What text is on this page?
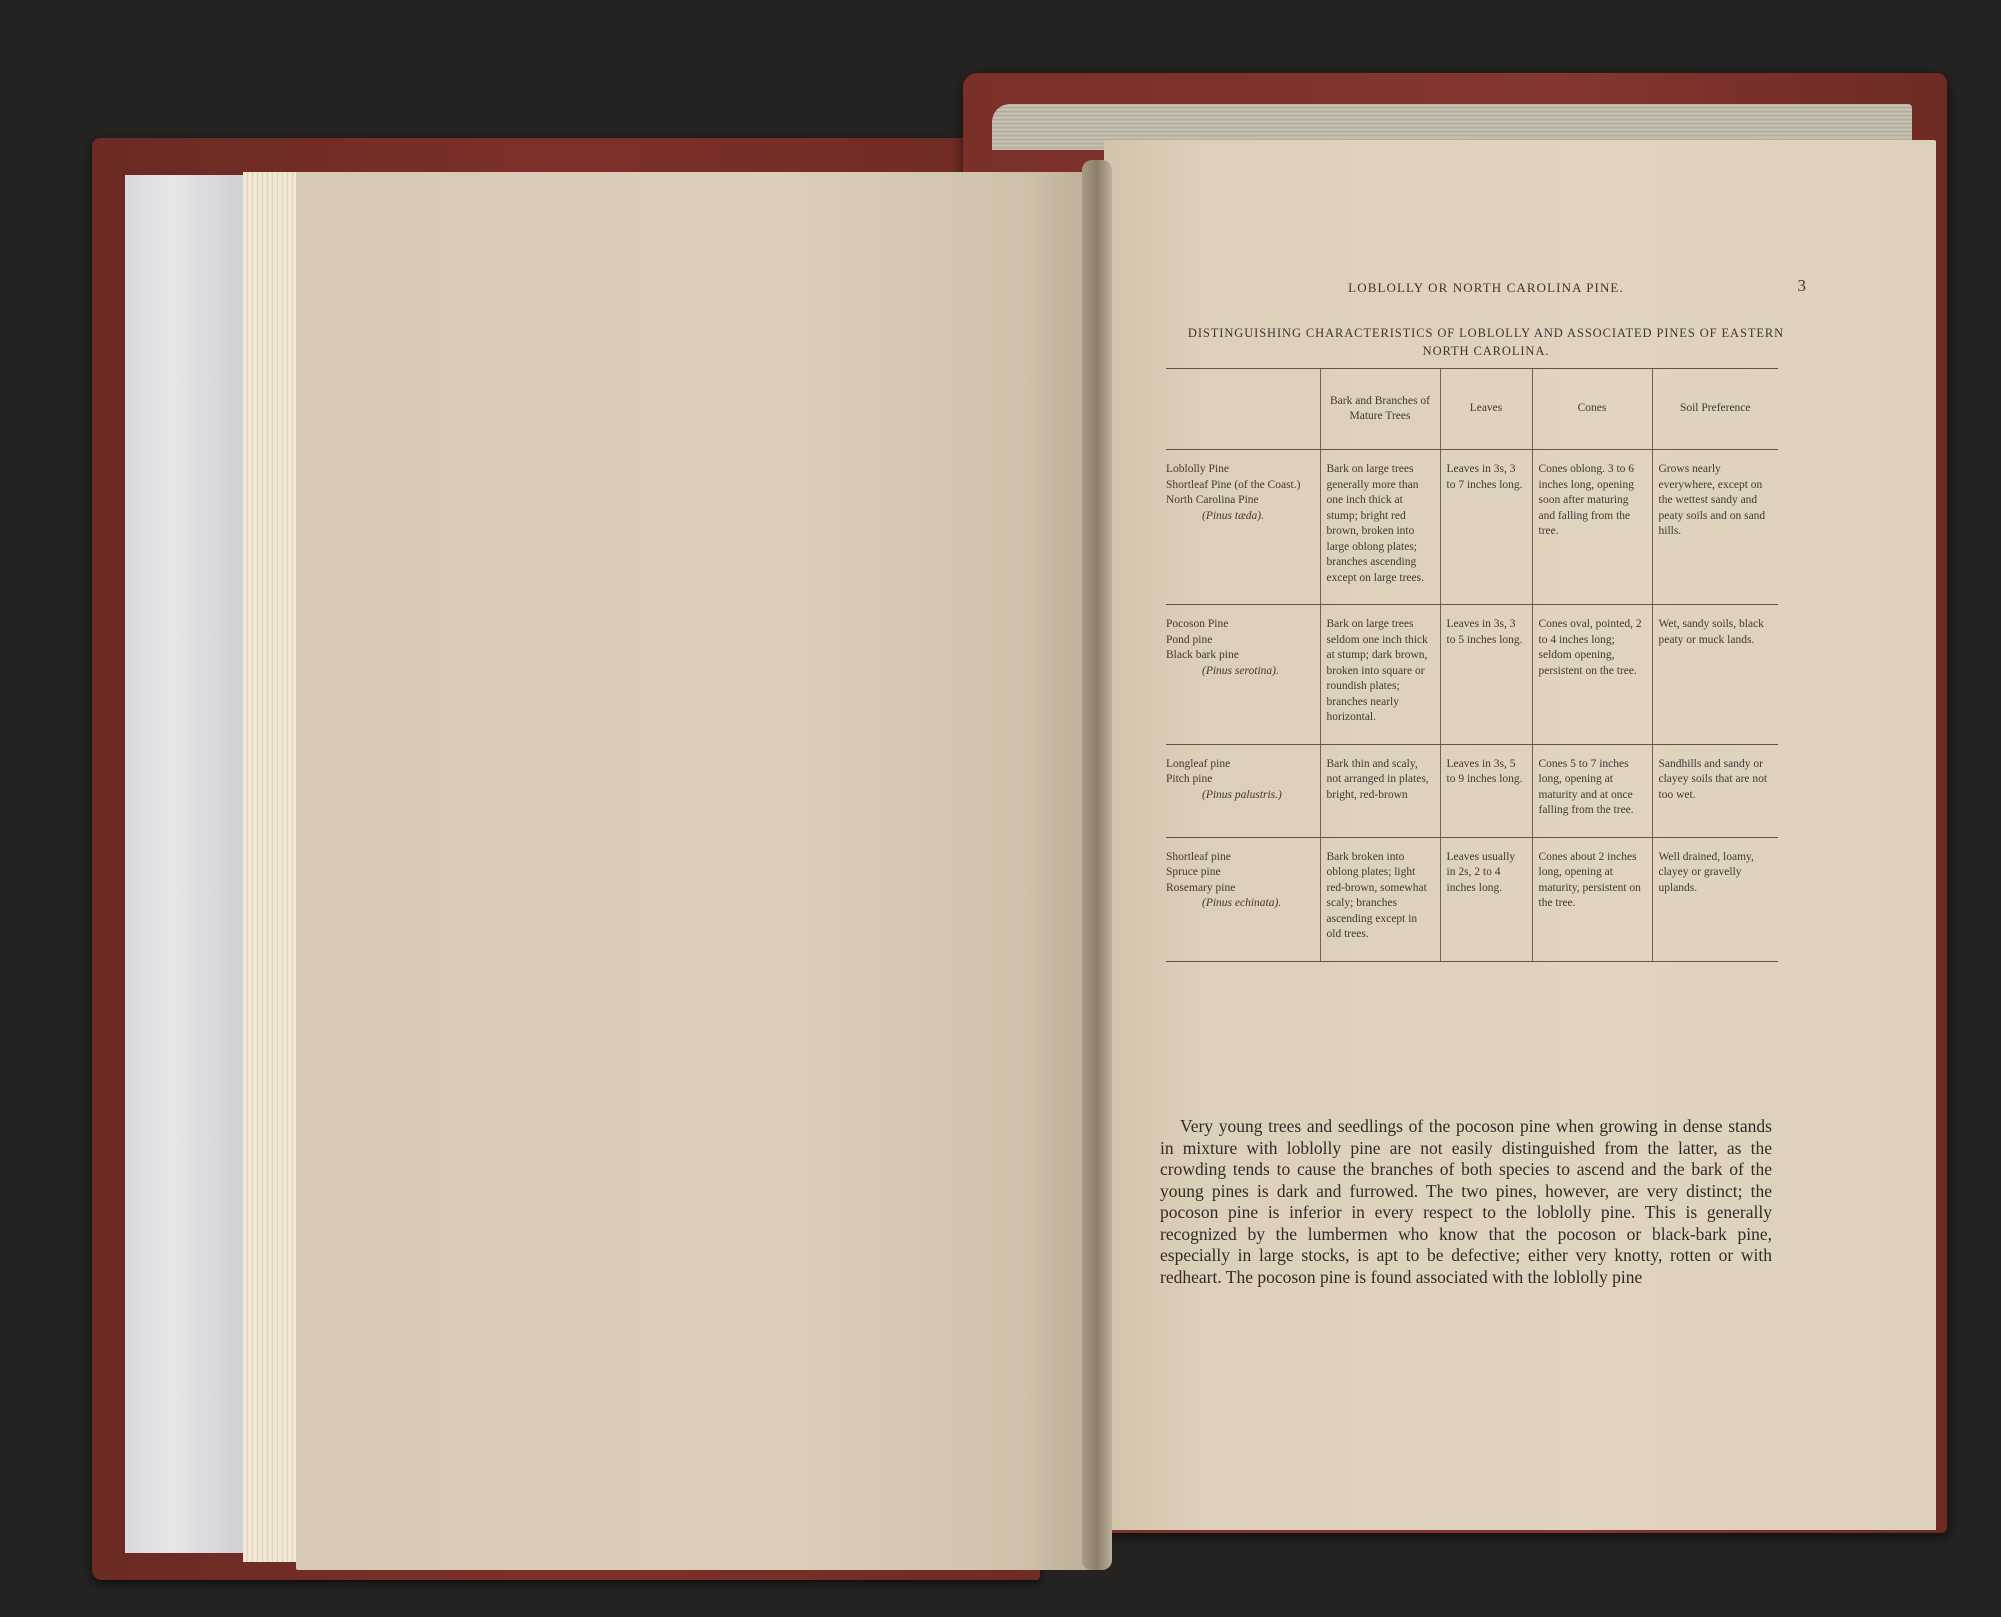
LOBLOLLY OR NORTH CAROLINA PINE.	3
DISTINGUISHING CHARACTERISTICS OF LOBLOLLY AND ASSOCIATED PINES OF EASTERN NORTH CAROLINA.
	Bark and Branches of Mature Trees	Leaves	Cones	Soil Preference

Loblolly Pine
Shortleaf Pine (of the Coast.)
North Carolina Pine
(Pinus tæda).	Bark on large trees generally more than one inch thick at stump; bright red brown, broken into large oblong plates; branches ascending except on large trees.	Leaves in 3s, 3 to 7 inches long.	Cones oblong. 3 to 6 inches long, opening soon after maturing and falling from the tree.	Grows nearly everywhere, except on the wettest sandy and peaty soils and on sand hills.

Pocoson Pine
Pond pine
Black bark pine
(Pinus serotina).	Bark on large trees seldom one inch thick at stump; dark brown, broken into square or roundish plates; branches nearly horizontal.	Leaves in 3s, 3 to 5 inches long.	Cones oval, pointed, 2 to 4 inches long; seldom opening, persistent on the tree.	Wet, sandy soils, black peaty or muck lands.

Longleaf pine
Pitch pine
(Pinus palustris.)	Bark thin and scaly, not arranged in plates, bright, red-brown	Leaves in 3s, 5 to 9 inches long.	Cones 5 to 7 inches long, opening at maturity and at once falling from the tree.	Sandhills and sandy or clayey soils that are not too wet.

Shortleaf pine
Spruce pine
Rosemary pine
(Pinus echinata).	Bark broken into oblong plates; light red-brown, somewhat scaly; branches ascending except in old trees.	Leaves usually in 2s, 2 to 4 inches long.	Cones about 2 inches long, opening at maturity, persistent on the tree.	Well drained, loamy, clayey or gravelly uplands.
Very young trees and seedlings of the pocoson pine when growing in dense stands in mixture with loblolly pine are not easily distinguished from the latter, as the crowding tends to cause the branches of both species to ascend and the bark of the young pines is dark and furrowed. The two pines, however, are very distinct; the pocoson pine is inferior in every respect to the loblolly pine. This is generally recognized by the lumbermen who know that the pocoson or black-bark pine, especially in large stocks, is apt to be defective; either very knotty, rotten or with redheart. The pocoson pine is found associated with the loblolly pine
